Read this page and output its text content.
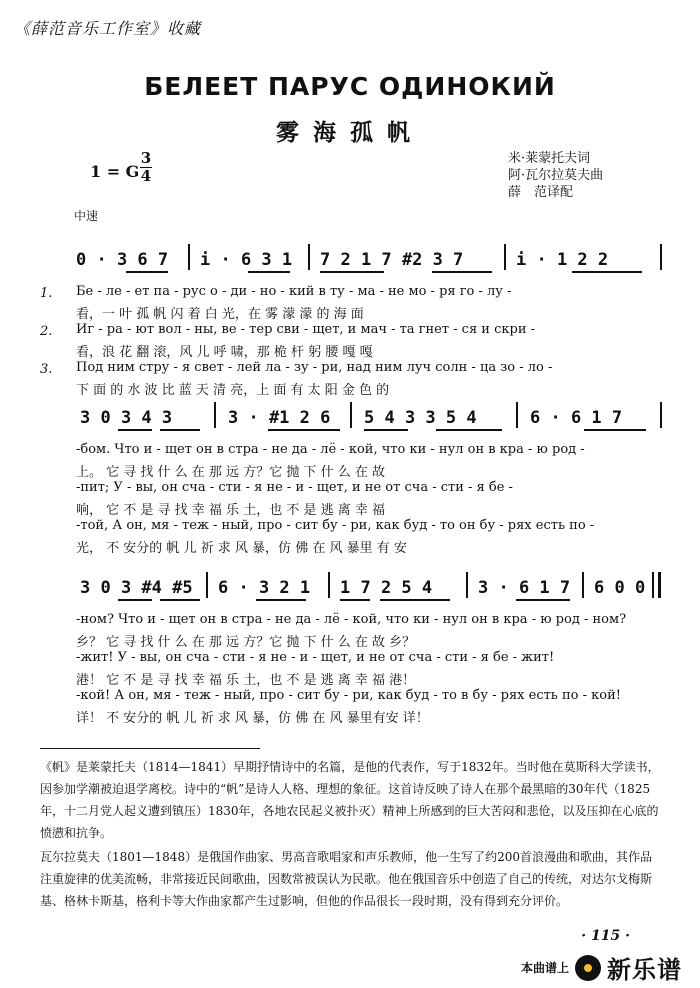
《薛范音乐工作室》收藏
БЕЛЕЕТ ПАРУС ОДИНОКИЙ
雾海孤帆
1 = G
3
4
米·莱蒙托夫词
阿·瓦尔拉莫夫曲
薛　范译配
中速
0 · 3 6 7 i · 6 3 1 7 2 1 7 #2 3 7	i · 1 2 2
1.
2.
3.
Бе - ле - ет па - рус о - ди - но - кий в ту - ма - не мо - ря го - лу -
看，一 叶 孤 帆 闪 着 白 光，在 雾 濛 濛 的 海 面
Иг - ра - ют вол - ны, ве - тер сви - щет, и мач - та гнет - ся и скри -
看，浪 花 翻 滚，风 儿 呼 啸，那 桅 杆 躬 腰 嘎 嘎
Под ним стру - я свет - лей ла - зу - ри, над ним луч солн - ца зо - ло -
下 面 的 水 波 比 蓝 天 清 亮，上 面 有 太 阳 金 色 的
3 0 3 4 3	3 · #1 2 6 5 4 3 3 5 4	6 · 6 1 7
-бом. Что и - щет он в стра - не да - лё - кой, что ки - нул он в кра - ю род -
上。 它 寻 找 什 么 在 那 远 方？它 抛 下 什 么 在 故
-пит; У - вы, он сча - сти - я не - и - щет, и не от сча - сти - я бе -
响， 它 不 是 寻 找 幸 福 乐 土，也 不 是 逃 离 幸 福
-той, А он, мя - теж - ный, про - сит бу - ри, как буд - то он бу - рях есть по -
光， 不 安分的 帆 儿 祈 求 风 暴，仿 佛 在 风 暴里 有 安
3 0 3 #4 #5 6 · 3 2 1 1 7 2 5 4	3 · 6 1 7 6 0 0
-ном? Что и - щет он в стра - не да - лё - кой, что ки - нул он в кра - ю род - ном?
乡？ 它 寻 找 什 么 在 那 远 方？它 抛 下 什 么 在 故 乡？
-жит! У - вы, он сча - сти - я не - и - щет, и не от сча - сти - я бе - жит!
港！ 它 不 是 寻 找 幸 福 乐 土，也 不 是 逃 离 幸 福 港！
-кой! А он, мя - теж - ный, про - сит бу - ри, как буд - то в бу - рях есть по - кой!
详！ 不 安分的 帆 儿 祈 求 风 暴，仿 佛 在 风 暴里有安 详！
《帆》是莱蒙托夫（1814—1841）早期抒情诗中的名篇，是他的代表作，写于1832年。当时他在莫斯科大学读书，因参加学潮被迫退学离校。诗中的“帆”是诗人人格、理想的象征。这首诗反映了诗人在那个最黑暗的30年代（1825年，十二月党人起义遭到镇压）1830年，各地农民起义被扑灭）精神上所感到的巨大苦闷和悲伧，以及压抑在心底的愤懑和抗争。
瓦尔拉莫夫（1801—1848）是俄国作曲家、男高音歌唱家和声乐教师，他一生写了约200首浪漫曲和歌曲，其作品注重旋律的优美流畅，非常接近民间歌曲，因数常被误认为民歌。他在俄国音乐中创造了自己的传统，对达尔戈梅斯基、格林卡斯基，格利卡等大作曲家都产生过影响，但他的作品很长一段时期，没有得到充分评价。
· 115 ·
本曲谱上 新乐谱
